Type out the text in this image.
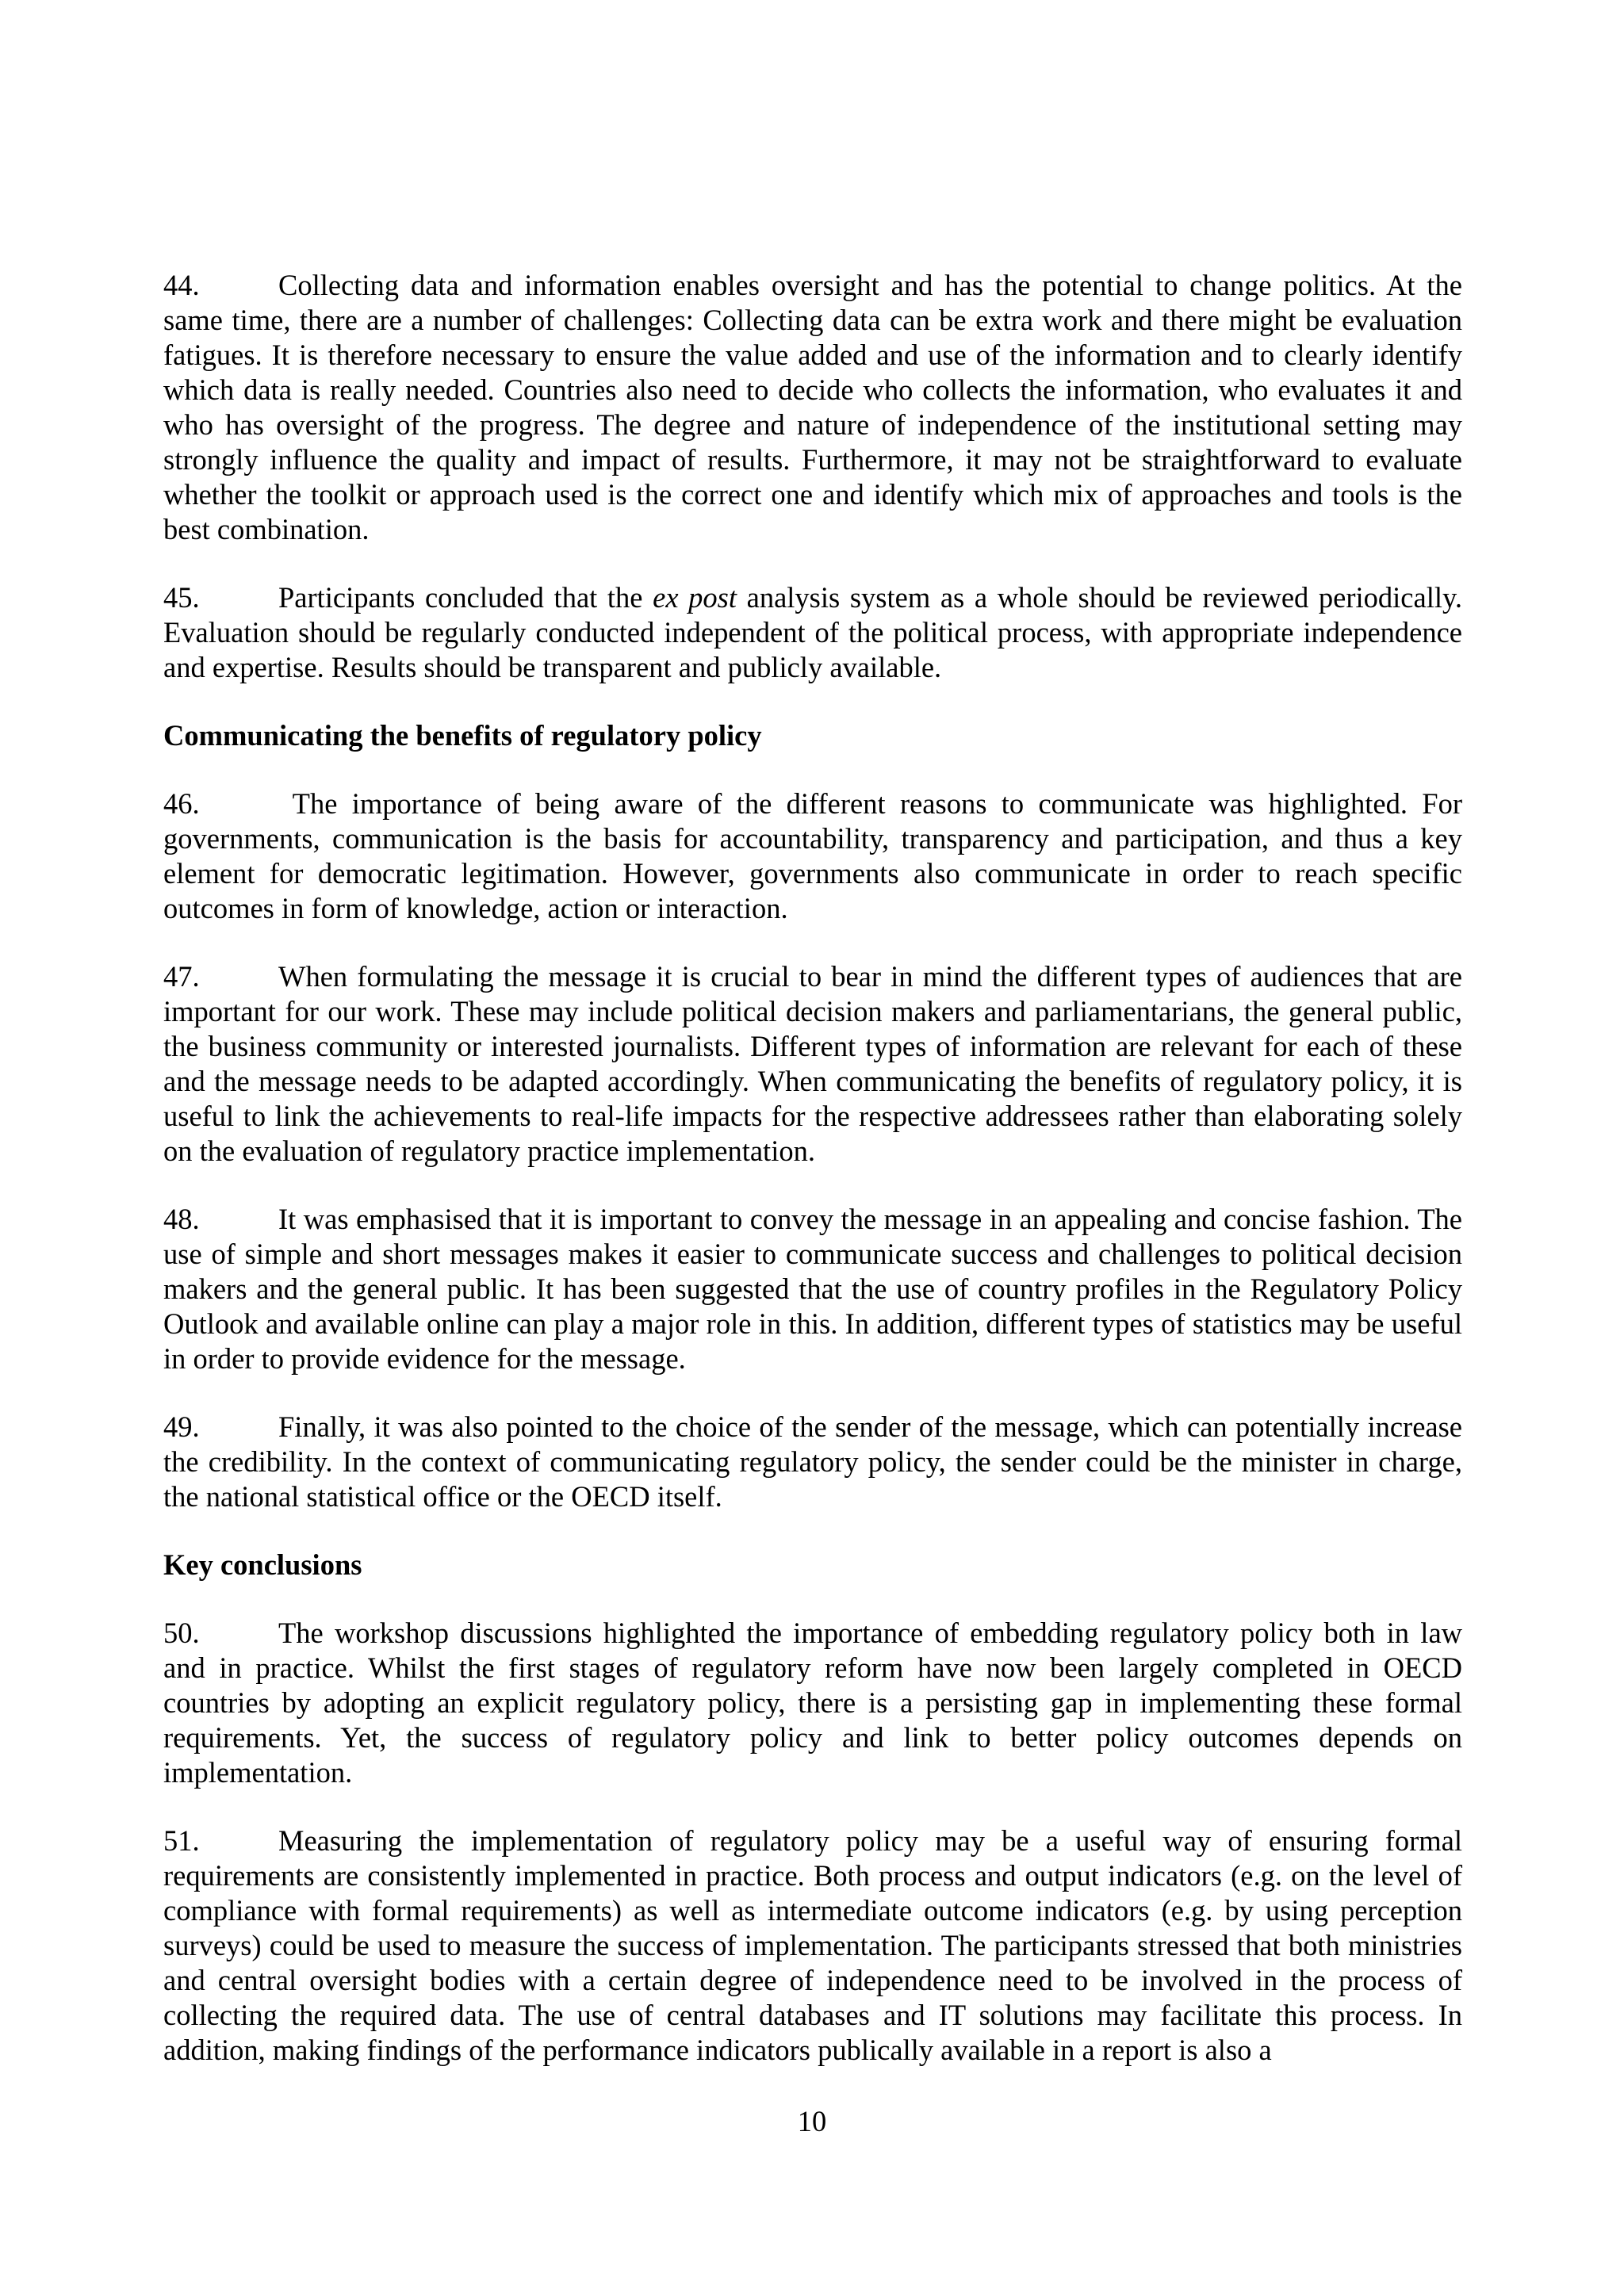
44.	Collecting data and information enables oversight and has the potential to change politics. At the same time, there are a number of challenges: Collecting data can be extra work and there might be evaluation fatigues. It is therefore necessary to ensure the value added and use of the information and to clearly identify which data is really needed. Countries also need to decide who collects the information, who evaluates it and who has oversight of the progress. The degree and nature of independence of the institutional setting may strongly influence the quality and impact of results. Furthermore, it may not be straightforward to evaluate whether the toolkit or approach used is the correct one and identify which mix of approaches and tools is the best combination.

45.	Participants concluded that the ex post analysis system as a whole should be reviewed periodically. Evaluation should be regularly conducted independent of the political process, with appropriate independence and expertise. Results should be transparent and publicly available.

Communicating the benefits of regulatory policy

46.	The importance of being aware of the different reasons to communicate was highlighted. For governments, communication is the basis for accountability, transparency and participation, and thus a key element for democratic legitimation. However, governments also communicate in order to reach specific outcomes in form of knowledge, action or interaction.

47.	When formulating the message it is crucial to bear in mind the different types of audiences that are important for our work. These may include political decision makers and parliamentarians, the general public, the business community or interested journalists. Different types of information are relevant for each of these and the message needs to be adapted accordingly. When communicating the benefits of regulatory policy, it is useful to link the achievements to real-life impacts for the respective addressees rather than elaborating solely on the evaluation of regulatory practice implementation.

48.	It was emphasised that it is important to convey the message in an appealing and concise fashion. The use of simple and short messages makes it easier to communicate success and challenges to political decision makers and the general public. It has been suggested that the use of country profiles in the Regulatory Policy Outlook and available online can play a major role in this. In addition, different types of statistics may be useful in order to provide evidence for the message.

49.	Finally, it was also pointed to the choice of the sender of the message, which can potentially increase the credibility. In the context of communicating regulatory policy, the sender could be the minister in charge, the national statistical office or the OECD itself.

Key conclusions

50.	The workshop discussions highlighted the importance of embedding regulatory policy both in law and in practice. Whilst the first stages of regulatory reform have now been largely completed in OECD countries by adopting an explicit regulatory policy, there is a persisting gap in implementing these formal requirements. Yet, the success of regulatory policy and link to better policy outcomes depends on implementation.

51.	Measuring the implementation of regulatory policy may be a useful way of ensuring formal requirements are consistently implemented in practice. Both process and output indicators (e.g. on the level of compliance with formal requirements) as well as intermediate outcome indicators (e.g. by using perception surveys) could be used to measure the success of implementation. The participants stressed that both ministries and central oversight bodies with a certain degree of independence need to be involved in the process of collecting the required data. The use of central databases and IT solutions may facilitate this process. In addition, making findings of the performance indicators publically available in a report is also a

10
